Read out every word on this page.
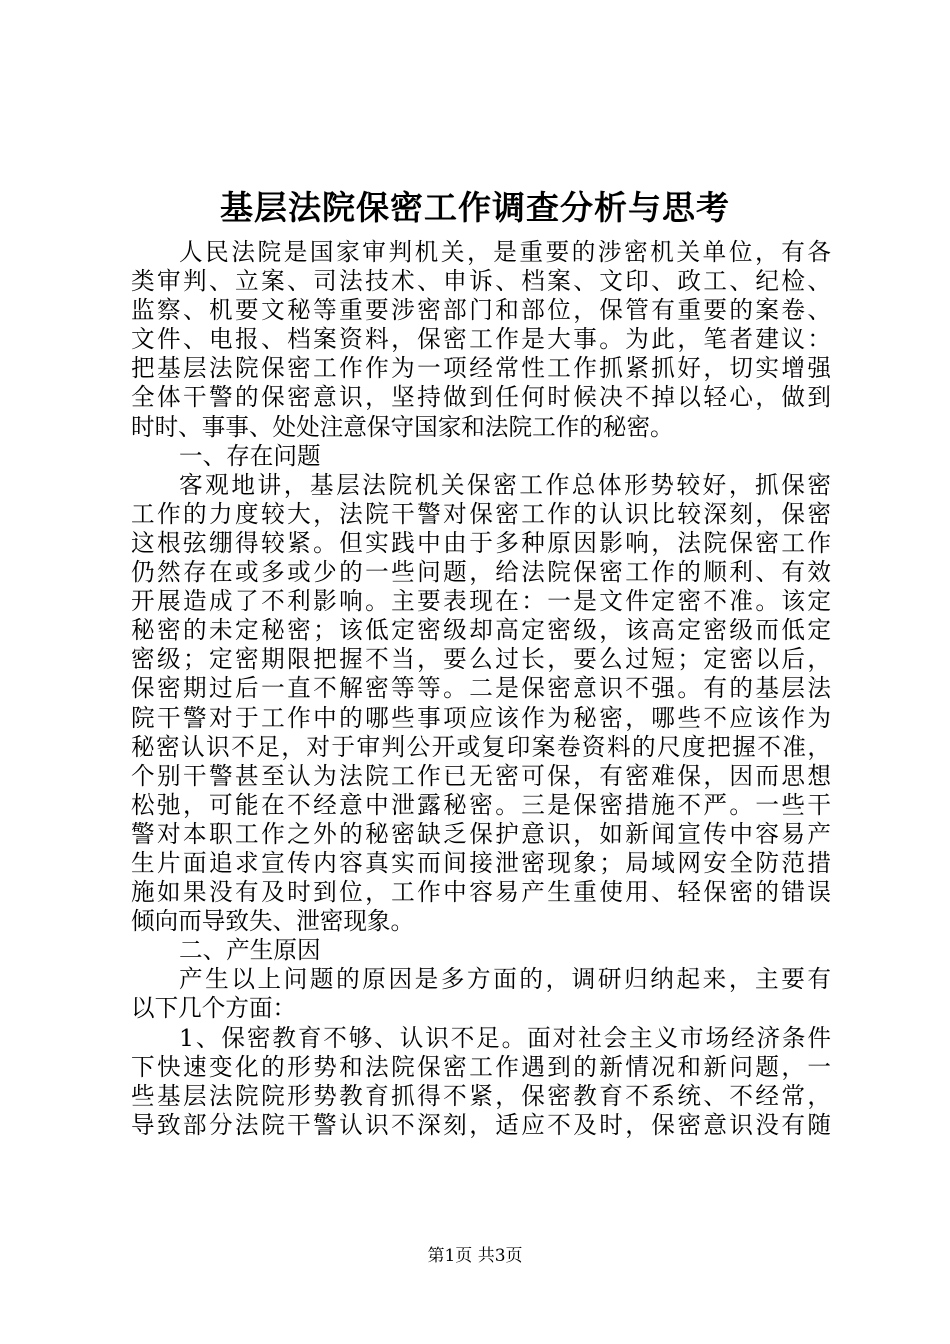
基层法院保密工作调查分析与思考
人民法院是国家审判机关，是重要的涉密机关单位，有各
类审判、立案、司法技术、申诉、档案、文印、政工、纪检、
监察、机要文秘等重要涉密部门和部位，保管有重要的案卷、
文件、电报、档案资料，保密工作是大事。为此，笔者建议：
把基层法院保密工作作为一项经常性工作抓紧抓好，切实增强
全体干警的保密意识，坚持做到任何时候决不掉以轻心，做到
时时、事事、处处注意保守国家和法院工作的秘密。
一、存在问题
客观地讲，基层法院机关保密工作总体形势较好，抓保密
工作的力度较大，法院干警对保密工作的认识比较深刻，保密
这根弦绷得较紧。但实践中由于多种原因影响，法院保密工作
仍然存在或多或少的一些问题，给法院保密工作的顺利、有效
开展造成了不利影响。主要表现在：一是文件定密不准。该定
秘密的未定秘密；该低定密级却高定密级，该高定密级而低定
密级；定密期限把握不当，要么过长，要么过短；定密以后，
保密期过后一直不解密等等。二是保密意识不强。有的基层法
院干警对于工作中的哪些事项应该作为秘密，哪些不应该作为
秘密认识不足，对于审判公开或复印案卷资料的尺度把握不准，
个别干警甚至认为法院工作已无密可保，有密难保，因而思想
松弛，可能在不经意中泄露秘密。三是保密措施不严。一些干
警对本职工作之外的秘密缺乏保护意识，如新闻宣传中容易产
生片面追求宣传内容真实而间接泄密现象；局域网安全防范措
施如果没有及时到位，工作中容易产生重使用、轻保密的错误
倾向而导致失、泄密现象。
二、产生原因
产生以上问题的原因是多方面的，调研归纳起来，主要有
以下几个方面：
1、保密教育不够、认识不足。面对社会主义市场经济条件
下快速变化的形势和法院保密工作遇到的新情况和新问题，一
些基层法院院形势教育抓得不紧，保密教育不系统、不经常，
导致部分法院干警认识不深刻，适应不及时，保密意识没有随
第1页 共3页
